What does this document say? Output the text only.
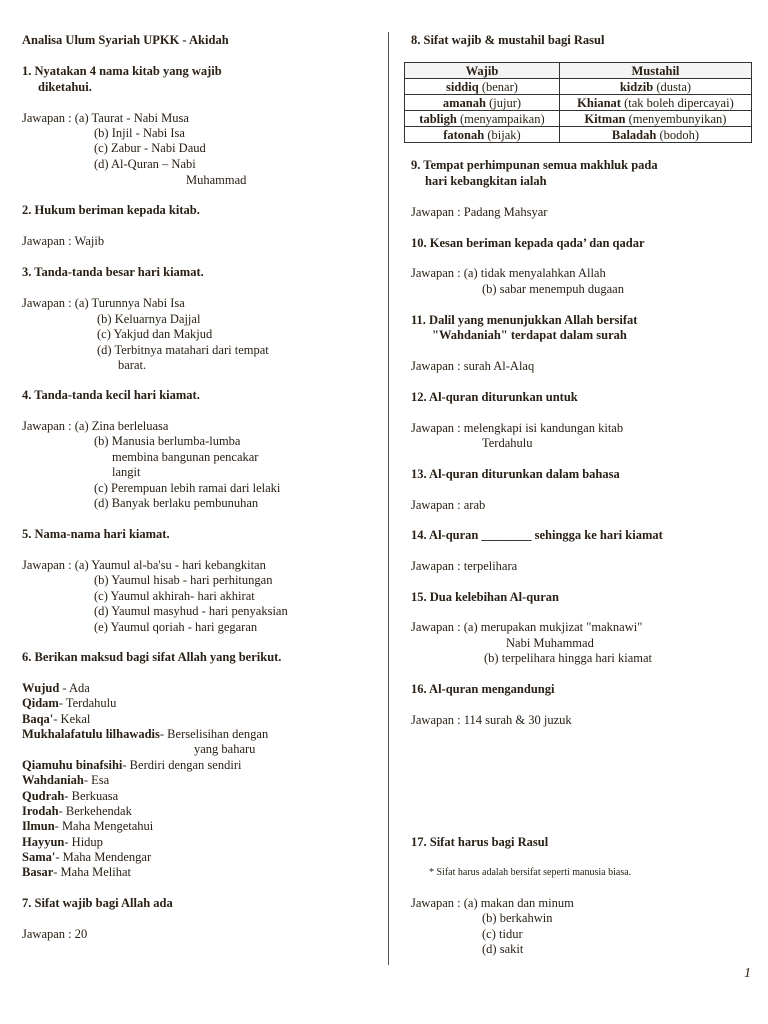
Analisa Ulum Syariah UPKK - Akidah
1. Nyatakan 4 nama kitab yang wajib
diketahui.
Jawapan : (a) Taurat - Nabi Musa
(b) Injil - Nabi Isa
(c) Zabur - Nabi Daud
(d) Al-Quran – Nabi
Muhammad
2. Hukum beriman kepada kitab.
Jawapan : Wajib
3. Tanda-tanda besar hari kiamat.
Jawapan : (a) Turunnya Nabi Isa
(b) Keluarnya Dajjal
(c) Yakjud dan Makjud
(d) Terbitnya matahari dari tempat
barat.
4. Tanda-tanda kecil hari kiamat.
Jawapan : (a) Zina berleluasa
(b) Manusia berlumba-lumba
membina bangunan pencakar
langit
(c) Perempuan lebih ramai dari lelaki
(d) Banyak berlaku pembunuhan
5. Nama-nama hari kiamat.
Jawapan : (a) Yaumul al-ba'su - hari kebangkitan
(b) Yaumul hisab - hari perhitungan
(c) Yaumul akhirah- hari akhirat
(d) Yaumul masyhud - hari penyaksian
(e) Yaumul qoriah - hari gegaran
6. Berikan maksud bagi sifat Allah yang berikut.
Wujud - Ada
Qidam- Terdahulu
Baqa'- Kekal
Mukhalafatulu lilhawadis- Berselisihan dengan
yang baharu
Qiamuhu binafsihi- Berdiri dengan sendiri
Wahdaniah- Esa
Qudrah- Berkuasa
Irodah- Berkehendak
Ilmun- Maha Mengetahui
Hayyun- Hidup
Sama'- Maha Mendengar
Basar- Maha Melihat
7. Sifat wajib bagi Allah ada
Jawapan : 20
8. Sifat wajib & mustahil bagi Rasul
Wajib	Mustahil
siddiq (benar)	kidzib (dusta)
amanah (jujur)	Khianat (tak boleh dipercayai)
tabligh (menyampaikan)	Kitman (menyembunyikan)
fatonah (bijak)	Baladah (bodoh)
9. Tempat perhimpunan semua makhluk pada
hari kebangkitan ialah
Jawapan : Padang Mahsyar
10. Kesan beriman kepada qada’ dan qadar
Jawapan : (a) tidak menyalahkan Allah
(b) sabar menempuh dugaan
11. Dalil yang menunjukkan Allah bersifat
"Wahdaniah" terdapat dalam surah
Jawapan : surah Al-Alaq
12. Al-quran diturunkan untuk
Jawapan : melengkapi isi kandungan kitab
Terdahulu
13. Al-quran diturunkan dalam bahasa
Jawapan : arab
14. Al-quran ________ sehingga ke hari kiamat
Jawapan : terpelihara
15. Dua kelebihan Al-quran
Jawapan : (a) merupakan mukjizat "maknawi"
Nabi Muhammad
(b) terpelihara hingga hari kiamat
16. Al-quran mengandungi
Jawapan : 114 surah & 30 juzuk
17. Sifat harus bagi Rasul
* Sifat harus adalah bersifat seperti manusia biasa.
Jawapan : (a) makan dan minum
(b) berkahwin
(c) tidur
(d) sakit
1
